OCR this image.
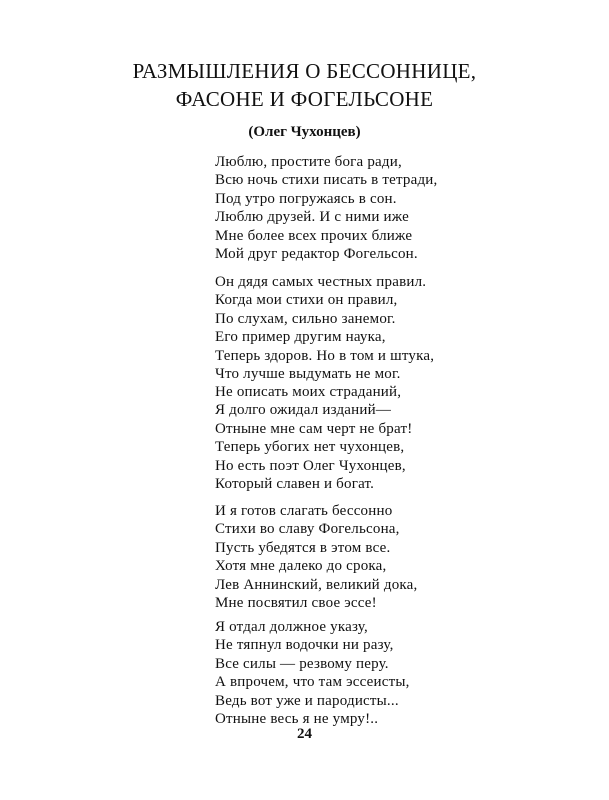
РАЗМЫШЛЕНИЯ О БЕССОННИЦЕ,
ФАСОНЕ И ФОГЕЛЬСОНЕ
(Олег Чухонцев)
Люблю, простите бога ради,
Всю ночь стихи писать в тетради,
Под утро погружаясь в сон.
Люблю друзей. И с ними иже
Мне более всех прочих ближе
Мой друг редактор Фогельсон.
Он дядя самых честных правил.
Когда мои стихи он правил,
По слухам, сильно занемог.
Его пример другим наука,
Теперь здоров. Но в том и штука,
Что лучше выдумать не мог.
Не описать моих страданий,
Я долго ожидал изданий—
Отныне мне сам черт не брат!
Теперь убогих нет чухонцев,
Но есть поэт Олег Чухонцев,
Который славен и богат.
И я готов слагать бессонно
Стихи во славу Фогельсона,
Пусть убедятся в этом все.
Хотя мне далеко до срока,
Лев Аннинский, великий дока,
Мне посвятил свое эссе!
Я отдал должное указу,
Не тяпнул водочки ни разу,
Все силы — резвому перу.
А впрочем, что там эссеисты,
Ведь вот уже и пародисты...
Отныне весь я не умру!..
24
